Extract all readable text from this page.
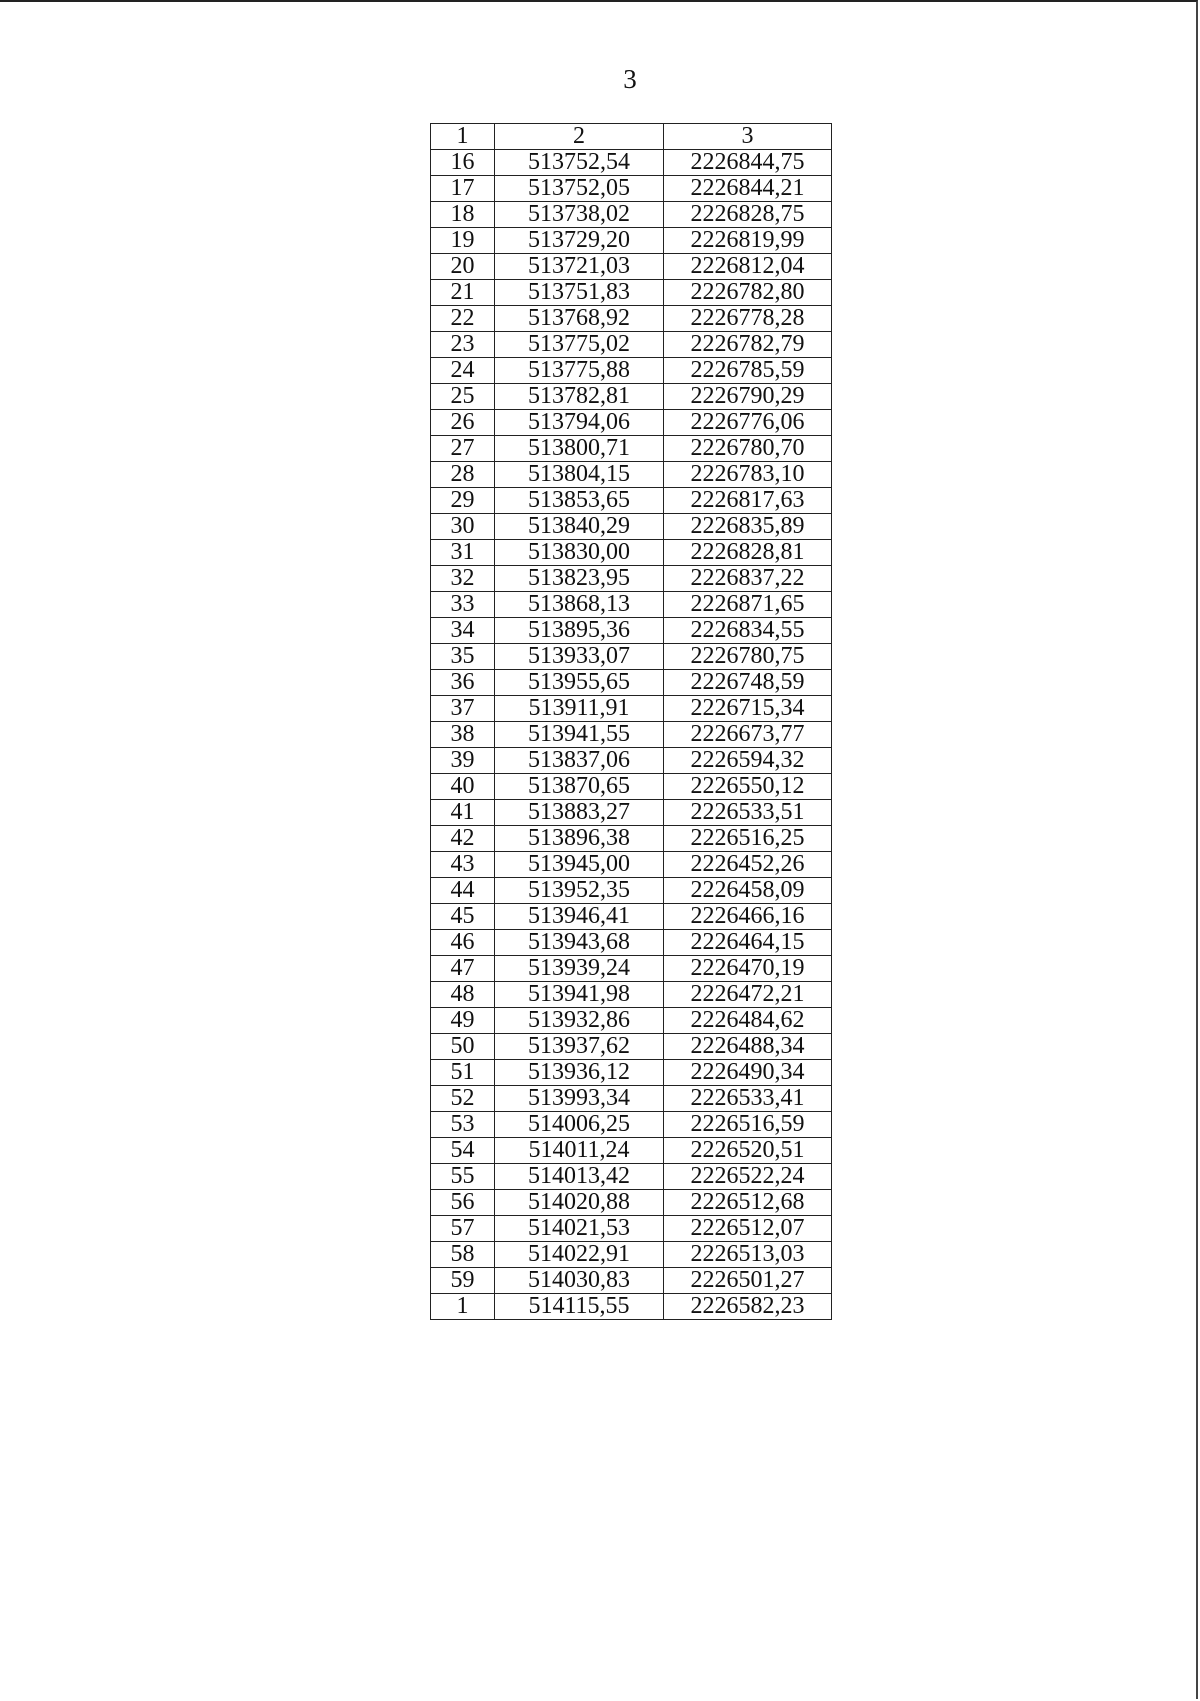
3
1	2	3
16	513752,54	2226844,75
17	513752,05	2226844,21
18	513738,02	2226828,75
19	513729,20	2226819,99
20	513721,03	2226812,04
21	513751,83	2226782,80
22	513768,92	2226778,28
23	513775,02	2226782,79
24	513775,88	2226785,59
25	513782,81	2226790,29
26	513794,06	2226776,06
27	513800,71	2226780,70
28	513804,15	2226783,10
29	513853,65	2226817,63
30	513840,29	2226835,89
31	513830,00	2226828,81
32	513823,95	2226837,22
33	513868,13	2226871,65
34	513895,36	2226834,55
35	513933,07	2226780,75
36	513955,65	2226748,59
37	513911,91	2226715,34
38	513941,55	2226673,77
39	513837,06	2226594,32
40	513870,65	2226550,12
41	513883,27	2226533,51
42	513896,38	2226516,25
43	513945,00	2226452,26
44	513952,35	2226458,09
45	513946,41	2226466,16
46	513943,68	2226464,15
47	513939,24	2226470,19
48	513941,98	2226472,21
49	513932,86	2226484,62
50	513937,62	2226488,34
51	513936,12	2226490,34
52	513993,34	2226533,41
53	514006,25	2226516,59
54	514011,24	2226520,51
55	514013,42	2226522,24
56	514020,88	2226512,68
57	514021,53	2226512,07
58	514022,91	2226513,03
59	514030,83	2226501,27
1	514115,55	2226582,23
